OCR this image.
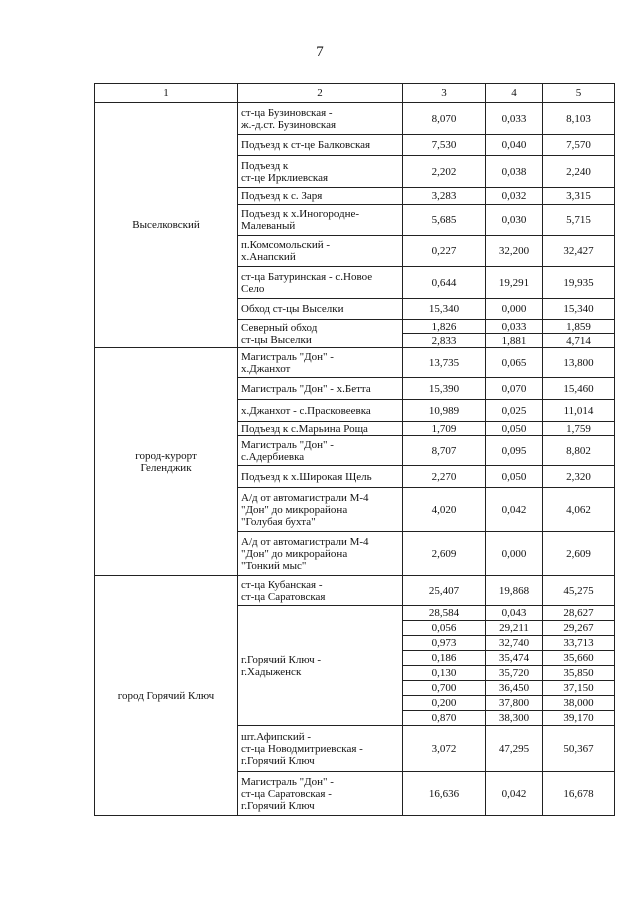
7
1	2	3	4	5
Выселковский	ст-ца Бузиновская -
ж.-д.ст. Бузиновская	8,070	0,033	8,103
	Подъезд к ст-це Балковская	7,530	0,040	7,570
	Подъезд к
ст-це Ирклиевская	2,202	0,038	2,240
	Подъезд к с. Заря	3,283	0,032	3,315
	Подъезд к х.Иногородне-
Малеваный	5,685	0,030	5,715
	п.Комсомольский -
х.Анапский	0,227	32,200	32,427
	ст-ца Батуринская - с.Новое
Село	0,644	19,291	19,935
	Обход ст-цы Выселки	15,340	0,000	15,340
	Северный обход
ст-цы Выселки	1,826	0,033	1,859
		2,833	1,881	4,714
город-курорт
Геленджик	Магистраль "Дон" -
х.Джанхот	13,735	0,065	13,800
	Магистраль "Дон" - х.Бетта	15,390	0,070	15,460
	х.Джанхот - с.Прасковеевка	10,989	0,025	11,014
	Подъезд к с.Марьина Роща	1,709	0,050	1,759
	Магистраль "Дон" -
с.Адербиевка	8,707	0,095	8,802
	Подъезд к х.Широкая Щель	2,270	0,050	2,320
	А/д от автомагистрали М-4
"Дон" до микрорайона
"Голубая бухта"	4,020	0,042	4,062
	А/д от автомагистрали М-4
"Дон" до микрорайона
"Тонкий мыс"	2,609	0,000	2,609
город Горячий Ключ	ст-ца Кубанская -
ст-ца Саратовская	25,407	19,868	45,275
	г.Горячий Ключ -
г.Хадыженск	28,584	0,043	28,627
		0,056	29,211	29,267
		0,973	32,740	33,713
		0,186	35,474	35,660
		0,130	35,720	35,850
		0,700	36,450	37,150
		0,200	37,800	38,000
		0,870	38,300	39,170
	шт.Афипский -
ст-ца Новодмитриевская -
г.Горячий Ключ	3,072	47,295	50,367
	Магистраль "Дон" -
ст-ца Саратовская -
г.Горячий Ключ	16,636	0,042	16,678
